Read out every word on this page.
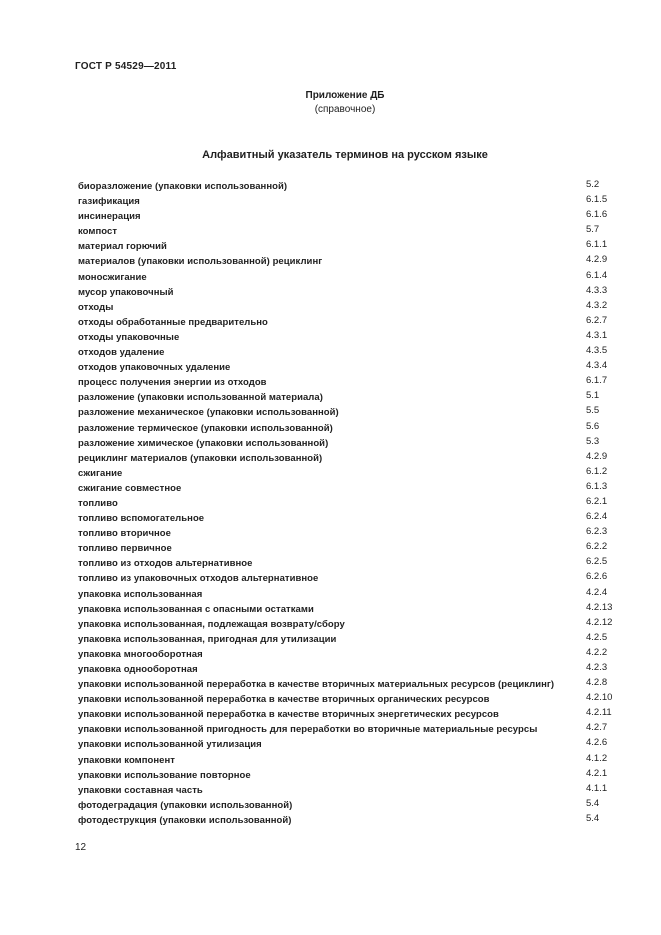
ГОСТ Р 54529—2011
Приложение ДБ
(справочное)
Алфавитный указатель терминов на русском языке
биоразложение (упаковки использованной)	5.2
газификация	6.1.5
инсинерация	6.1.6
компост	5.7
материал горючий	6.1.1
материалов (упаковки использованной) рециклинг	4.2.9
моносжигание	6.1.4
мусор упаковочный	4.3.3
отходы	4.3.2
отходы обработанные предварительно	6.2.7
отходы упаковочные	4.3.1
отходов удаление	4.3.5
отходов упаковочных удаление	4.3.4
процесс получения энергии из отходов	6.1.7
разложение (упаковки использованной материала)	5.1
разложение механическое (упаковки использованной)	5.5
разложение термическое (упаковки использованной)	5.6
разложение химическое (упаковки использованной)	5.3
рециклинг материалов (упаковки использованной)	4.2.9
сжигание	6.1.2
сжигание совместное	6.1.3
топливо	6.2.1
топливо вспомогательное	6.2.4
топливо вторичное	6.2.3
топливо первичное	6.2.2
топливо из отходов альтернативное	6.2.5
топливо из упаковочных отходов альтернативное	6.2.6
упаковка использованная	4.2.4
упаковка использованная с опасными остатками	4.2.13
упаковка использованная, подлежащая возврату/сбору	4.2.12
упаковка использованная, пригодная для утилизации	4.2.5
упаковка многооборотная	4.2.2
упаковка однооборотная	4.2.3
упаковки использованной переработка в качестве вторичных материальных ресурсов (рециклинг)	4.2.8
упаковки использованной переработка в качестве вторичных органических ресурсов	4.2.10
упаковки использованной переработка в качестве вторичных энергетических ресурсов	4.2.11
упаковки использованной пригодность для переработки во вторичные материальные ресурсы	4.2.7
упаковки использованной утилизация	4.2.6
упаковки компонент	4.1.2
упаковки использование повторное	4.2.1
упаковки составная часть	4.1.1
фотодеградация (упаковки использованной)	5.4
фотодеструкция (упаковки использованной)	5.4
12
